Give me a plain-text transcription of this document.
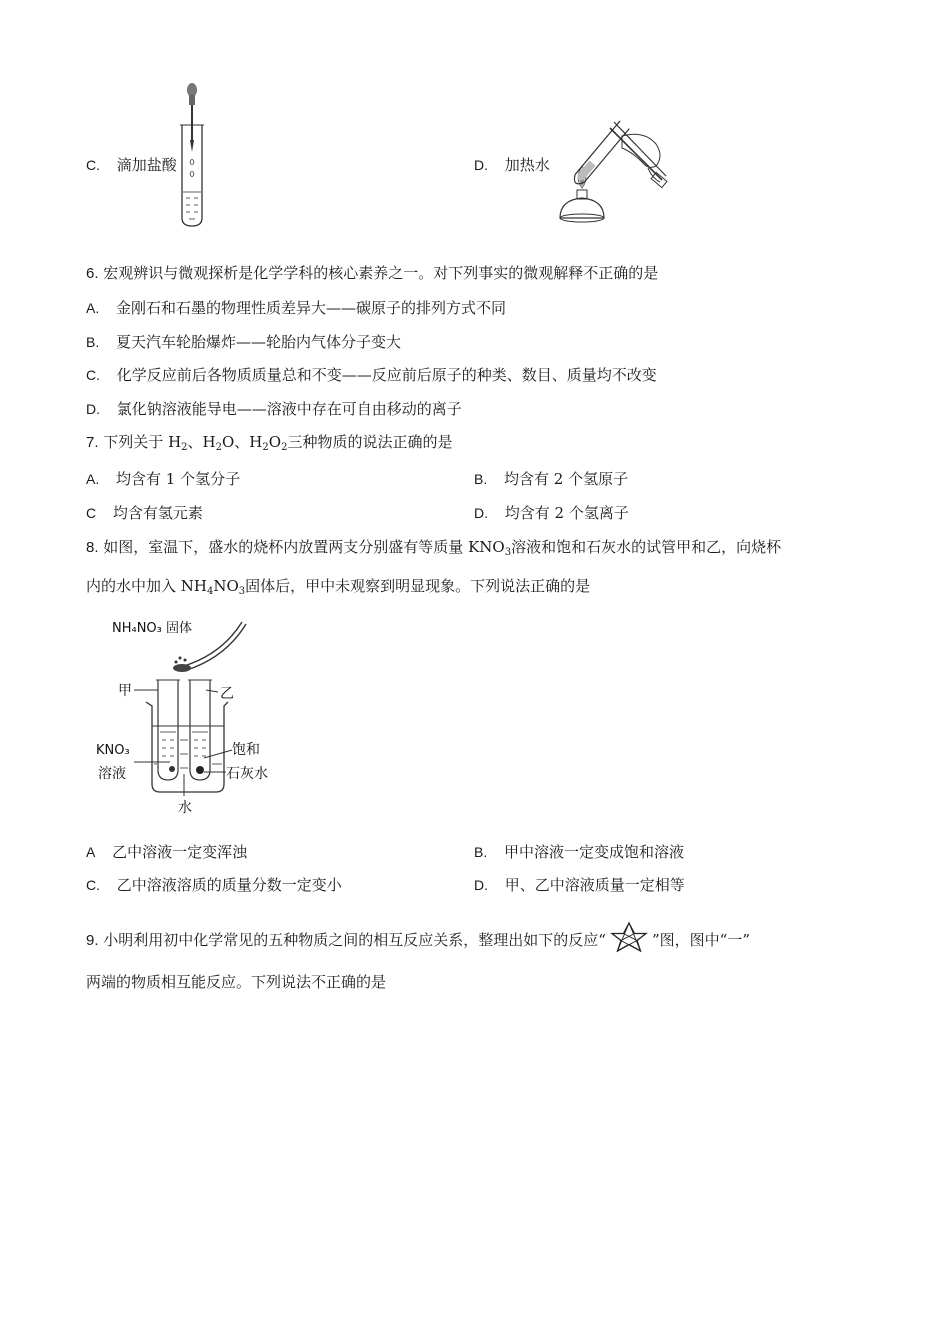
C. 滴加盐酸	D. 加热水
6. 宏观辨识与微观探析是化学学科的核心素养之一。对下列事实的微观解释不正确的是
A. 金刚石和石墨的物理性质差异大——碳原子的排列方式不同
B. 夏天汽车轮胎爆炸——轮胎内气体分子变大
C. 化学反应前后各物质质量总和不变——反应前后原子的种类、数目、质量均不改变
D. 氯化钠溶液能导电——溶液中存在可自由移动的离子
7. 下列关于 $H_2$、$H_2O$、$H_2O_2$三种物质的说法正确的是
A. 均含有 1 个氢分子	B. 均含有 2 个氢原子
C 均含有氢元素	D. 均含有 2 个氢离子
8. 如图，室温下，盛水的烧杯内放置两支分别盛有等质量 $KNO_3$溶液和饱和石灰水的试管甲和乙，向烧杯
内的水中加入 $NH_4NO_3$固体后，甲中未观察到明显现象。下列说法正确的是
NH₄NO₃ 固体
甲	乙
KNO₃
溶液
饱和
石灰水
水
A 乙中溶液一定变浑浊	B. 甲中溶液一定变成饱和溶液
C. 乙中溶液溶质的质量分数一定变小	D. 甲、乙中溶液质量一定相等
9. 小明利用初中化学常见的五种物质之间的相互反应关系，整理出如下的反应“	”图，图中“一”
两端的物质相互能反应。下列说法不正确的是
